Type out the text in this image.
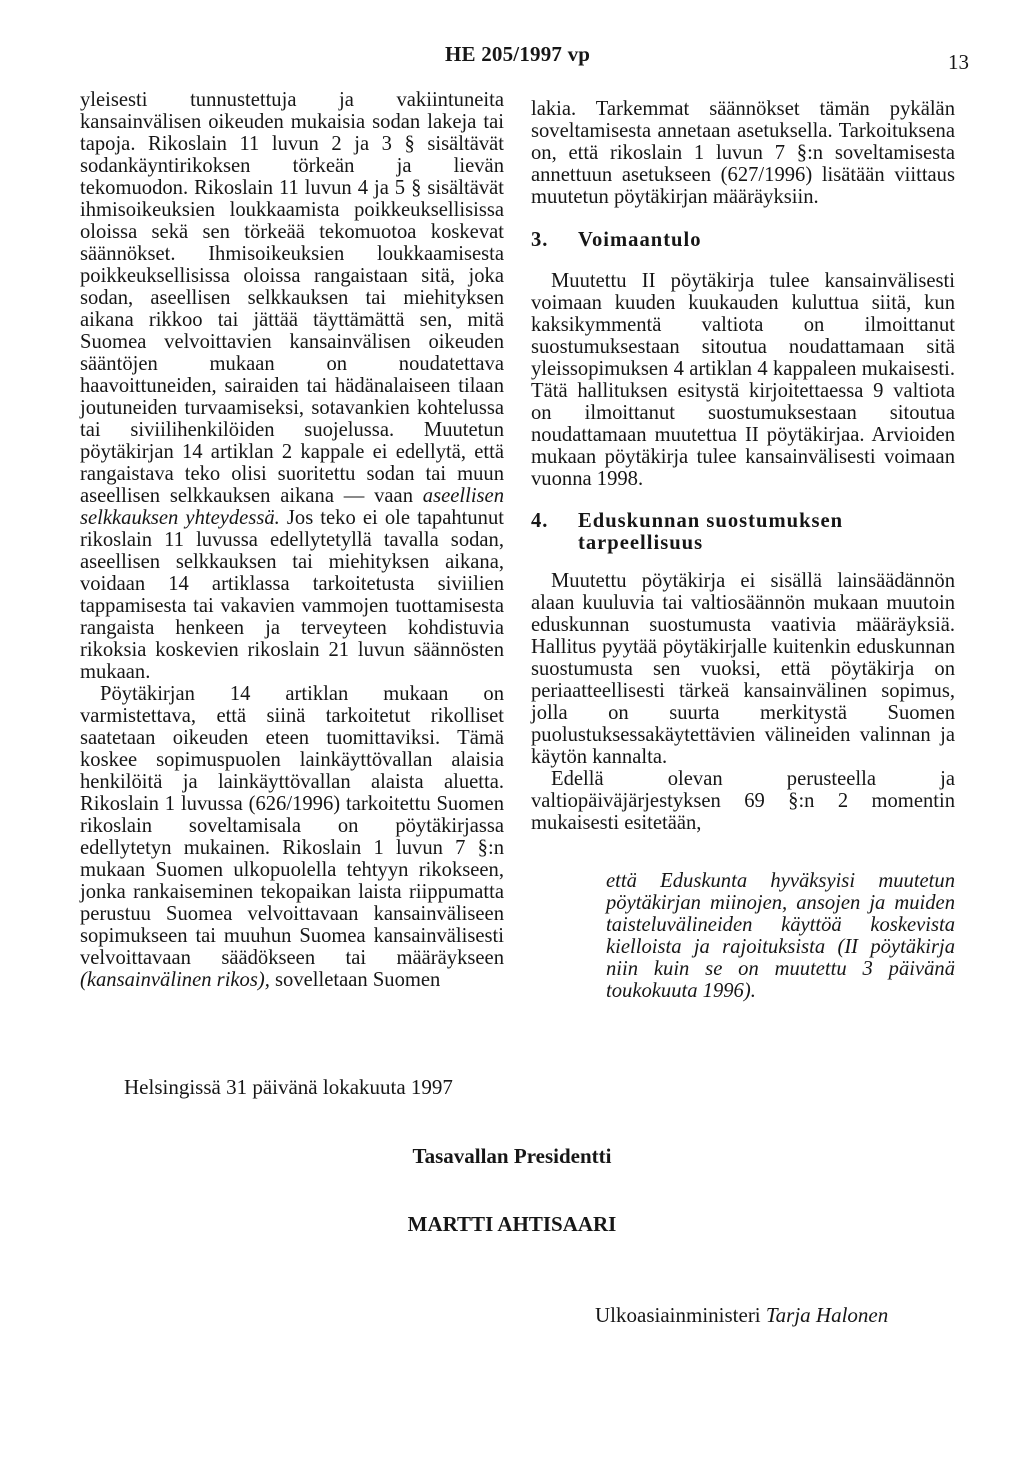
HE 205/1997 vp	13

yleisesti tunnustettuja ja vakiintuneita kansainvälisen oikeuden mukaisia sodan lakeja tai tapoja. Rikoslain 11 luvun 2 ja 3 § sisältävät sodankäyntirikoksen törkeän ja lievän tekomuodon. Rikoslain 11 luvun 4 ja 5 § sisältävät ihmisoikeuksien loukkaamista poikkeuksellisissa oloissa sekä sen törkeää tekomuotoa koskevat säännökset. Ihmisoikeuksien loukkaamisesta poikkeuksellisissa oloissa rangaistaan sitä, joka sodan, aseellisen selkkauksen tai miehityksen aikana rikkoo tai jättää täyttämättä sen, mitä Suomea velvoittavien kansainvälisen oikeuden sääntöjen mukaan on noudatettava haavoittuneiden, sairaiden tai hädänalaiseen tilaan joutuneiden turvaamiseksi, sotavankien kohtelussa tai siviilihenkilöiden suojelussa. Muutetun pöytäkirjan 14 artiklan 2 kappale ei edellytä, että rangaistava teko olisi suoritettu sodan tai muun aseellisen selkkauksen aikana — vaan aseellisen selkkauksen yhteydessä. Jos teko ei ole tapahtunut rikoslain 11 luvussa edellytetyllä tavalla sodan, aseellisen selkkauksen tai miehityksen aikana, voidaan 14 artiklassa tarkoitetusta siviilien tappamisesta tai vakavien vammojen tuottamisesta rangaista henkeen ja terveyteen kohdistuvia rikoksia koskevien rikoslain 21 luvun säännösten mukaan.

Pöytäkirjan 14 artiklan mukaan on varmistettava, että siinä tarkoitetut rikolliset saatetaan oikeuden eteen tuomittaviksi. Tämä koskee sopimuspuolen lainkäyttövallan alaisia henkilöitä ja lainkäyttövallan alaista aluetta. Rikoslain 1 luvussa (626/1996) tarkoitettu Suomen rikoslain soveltamisala on pöytäkirjassa edellytetyn mukainen. Rikoslain 1 luvun 7 §:n mukaan Suomen ulkopuolella tehtyyn rikokseen, jonka rankaiseminen tekopaikan laista riippumatta perustuu Suomea velvoittavaan kansainväliseen sopimukseen tai muuhun Suomea kansainvälisesti velvoittavaan säädökseen tai määräykseen (kansainvälinen rikos), sovelletaan Suomen

lakia. Tarkemmat säännökset tämän pykälän soveltamisesta annetaan asetuksella. Tarkoituksena on, että rikoslain 1 luvun 7 §:n soveltamisesta annettuun asetukseen (627/1996) lisätään viittaus muutetun pöytäkirjan määräyksiin.

3.	Voimaantulo

Muutettu II pöytäkirja tulee kansainvälisesti voimaan kuuden kuukauden kuluttua siitä, kun kaksikymmentä valtiota on ilmoittanut suostumuksestaan sitoutua noudattamaan sitä yleissopimuksen 4 artiklan 4 kappaleen mukaisesti. Tätä hallituksen esitystä kirjoitettaessa 9 valtiota on ilmoittanut suostumuksestaan sitoutua noudattamaan muutettua II pöytäkirjaa. Arvioiden mukaan pöytäkirja tulee kansainvälisesti voimaan vuonna 1998.

4.	Eduskunnan suostumuksen tarpeellisuus

Muutettu pöytäkirja ei sisällä lainsäädännön alaan kuuluvia tai valtiosäännön mukaan muutoin eduskunnan suostumusta vaativia määräyksiä. Hallitus pyytää pöytäkirjalle kuitenkin eduskunnan suostumusta sen vuoksi, että pöytäkirja on periaatteellisesti tärkeä kansainvälinen sopimus, jolla on suurta merkitystä Suomen puolustuksessakäytettävien välineiden valinnan ja käytön kannalta.

Edellä olevan perusteella ja valtiopäiväjärjestyksen 69 §:n 2 momentin mukaisesti esitetään,

että Eduskunta hyväksyisi muutetun pöytäkirjan miinojen, ansojen ja muiden taisteluvälineiden käyttöä koskevista kielloista ja rajoituksista (II pöytäkirja niin kuin se on muutettu 3 päivänä toukokuuta 1996).

Helsingissä 31 päivänä lokakuuta 1997
Tasavallan Presidentti
MARTTI AHTISAARI
Ulkoasiainministeri Tarja Halonen
